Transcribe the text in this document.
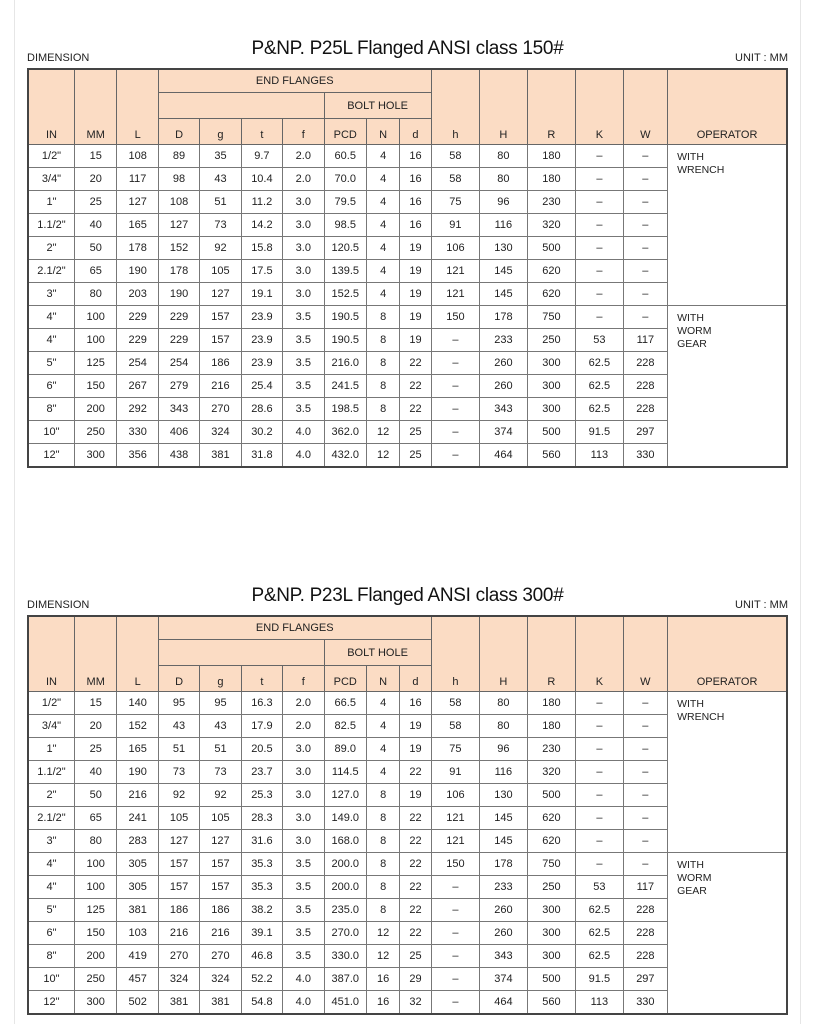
P&NP. P25L Flanged ANSI class 150#
DIMENSION	UNIT : MM
IN	MM	L	END FLANGES							h	H	R	K	W	OPERATOR
							BOLT HOLE								
			D	g	t	f	PCD	N	d						
1/2"	15	108	89	35	9.7	2.0	60.5	4	16	58	80	180	–	–	WITH
WRENCH
3/4"	20	117	98	43	10.4	2.0	70.0	4	16	58	80	180	–	–	
1"	25	127	108	51	11.2	3.0	79.5	4	16	75	96	230	–	–	
1.1/2"	40	165	127	73	14.2	3.0	98.5	4	16	91	116	320	–	–	
2"	50	178	152	92	15.8	3.0	120.5	4	19	106	130	500	–	–	
2.1/2"	65	190	178	105	17.5	3.0	139.5	4	19	121	145	620	–	–	
3"	80	203	190	127	19.1	3.0	152.5	4	19	121	145	620	–	–	
4"	100	229	229	157	23.9	3.5	190.5	8	19	150	178	750	–	–	WITH
WORM
GEAR
4"	100	229	229	157	23.9	3.5	190.5	8	19	–	233	250	53	117	
5"	125	254	254	186	23.9	3.5	216.0	8	22	–	260	300	62.5	228	
6"	150	267	279	216	25.4	3.5	241.5	8	22	–	260	300	62.5	228	
8"	200	292	343	270	28.6	3.5	198.5	8	22	–	343	300	62.5	228	
10"	250	330	406	324	30.2	4.0	362.0	12	25	–	374	500	91.5	297	
12"	300	356	438	381	31.8	4.0	432.0	12	25	–	464	560	113	330	
P&NP. P23L Flanged ANSI class 300#
DIMENSION	UNIT : MM
IN	MM	L	END FLANGES							h	H	R	K	W	OPERATOR
							BOLT HOLE								
			D	g	t	f	PCD	N	d						
1/2"	15	140	95	95	16.3	2.0	66.5	4	16	58	80	180	–	–	WITH
WRENCH
3/4"	20	152	43	43	17.9	2.0	82.5	4	19	58	80	180	–	–	
1"	25	165	51	51	20.5	3.0	89.0	4	19	75	96	230	–	–	
1.1/2"	40	190	73	73	23.7	3.0	114.5	4	22	91	116	320	–	–	
2"	50	216	92	92	25.3	3.0	127.0	8	19	106	130	500	–	–	
2.1/2"	65	241	105	105	28.3	3.0	149.0	8	22	121	145	620	–	–	
3"	80	283	127	127	31.6	3.0	168.0	8	22	121	145	620	–	–	
4"	100	305	157	157	35.3	3.5	200.0	8	22	150	178	750	–	–	WITH
WORM
GEAR
4"	100	305	157	157	35.3	3.5	200.0	8	22	–	233	250	53	117	
5"	125	381	186	186	38.2	3.5	235.0	8	22	–	260	300	62.5	228	
6"	150	103	216	216	39.1	3.5	270.0	12	22	–	260	300	62.5	228	
8"	200	419	270	270	46.8	3.5	330.0	12	25	–	343	300	62.5	228	
10"	250	457	324	324	52.2	4.0	387.0	16	29	–	374	500	91.5	297	
12"	300	502	381	381	54.8	4.0	451.0	16	32	–	464	560	113	330	
